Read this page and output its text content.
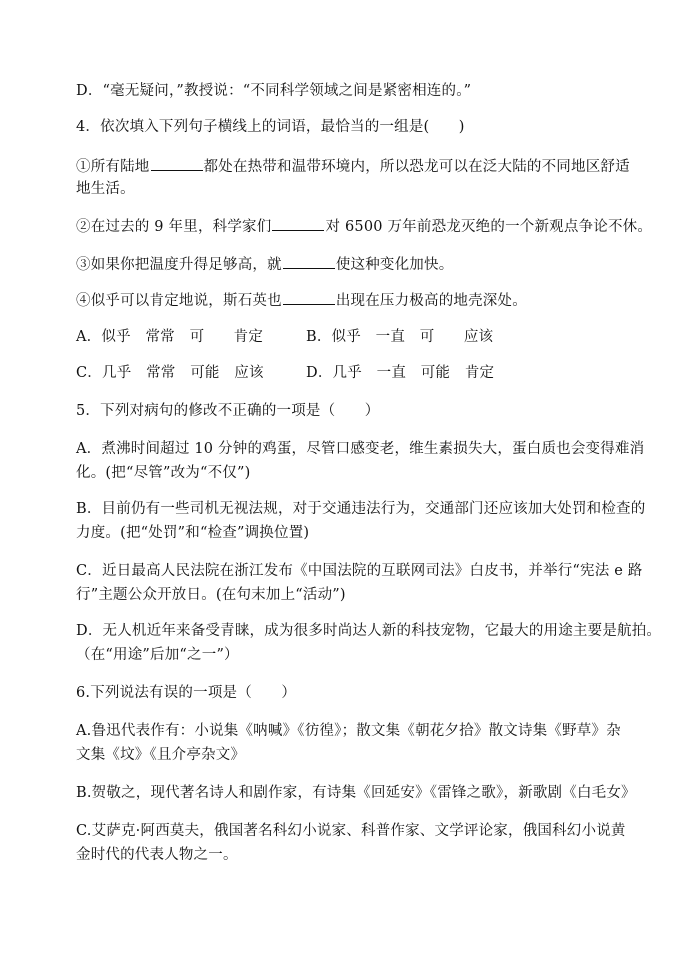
D．“毫无疑问，”教授说：“不同科学领域之间是紧密相连的。”
4．依次填入下列句子横线上的词语，最恰当的一组是(　　)
①所有陆地	都处在热带和温带环境内，所以恐龙可以在泛大陆的不同地区舒适
地生活。
②在过去的 9 年里，科学家们	对 6500 万年前恐龙灭绝的一个新观点争论不休。
③如果你把温度升得足够高，就	使这种变化加快。
④似乎可以肯定地说，斯石英也	出现在压力极高的地壳深处。
A．似乎　常常　可　　肯定	B．似乎　一直　可　　应该
C．几乎　常常　可能　应该	D．几乎　一直　可能　肯定
5．下列对病句的修改不正确的一项是（　　）
A．煮沸时间超过 10 分钟的鸡蛋，尽管口感变老，维生素损失大，蛋白质也会变得难消
化。(把“尽管”改为“不仅”)
B．目前仍有一些司机无视法规，对于交通违法行为，交通部门还应该加大处罚和检查的
力度。(把“处罚”和“检查”调换位置)
C．近日最高人民法院在浙江发布《中国法院的互联网司法》白皮书，并举行“宪法 e 路
行”主题公众开放日。(在句末加上“活动”)
D．无人机近年来备受青睐，成为很多时尚达人新的科技宠物，它最大的用途主要是航拍。
（在“用途”后加“之一”）
6.下列说法有误的一项是（　　）
A.鲁迅代表作有：小说集《呐喊》《彷徨》；散文集《朝花夕拾》散文诗集《野草》杂
文集《坟》《且介亭杂文》
B.贺敬之，现代著名诗人和剧作家，有诗集《回延安》《雷锋之歌》，新歌剧《白毛女》
C.艾萨克·阿西莫夫，俄国著名科幻小说家、科普作家、文学评论家，俄国科幻小说黄
金时代的代表人物之一。
